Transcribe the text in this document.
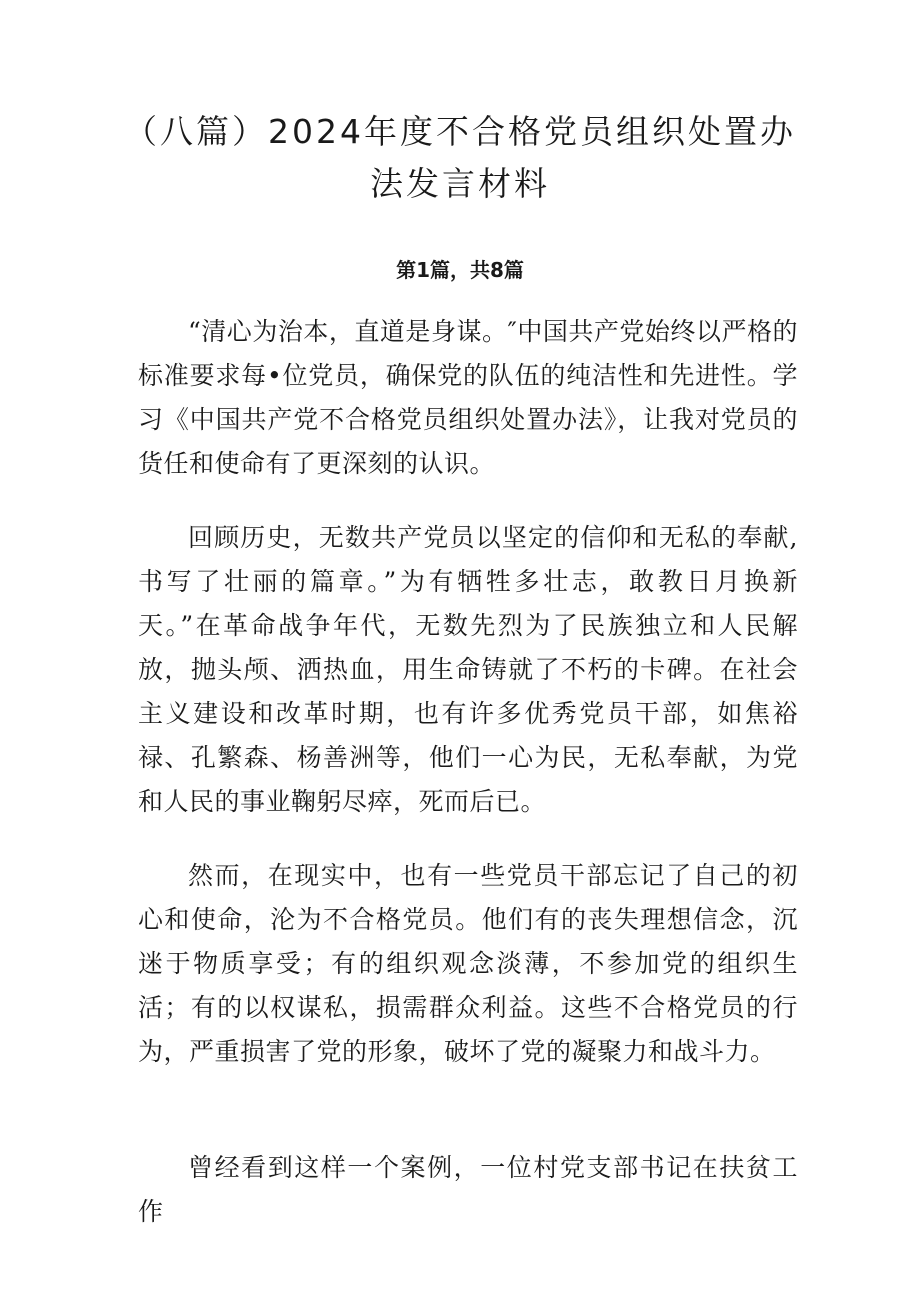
（八篇）2024年度不合格党员组织处置办
法发言材料
第1篇，共8篇

“清心为治本，直道是身谋。″中国共产党始终以严格的标准要求每•位党员，确保党的队伍的纯洁性和先进性。学习《中国共产党不合格党员组织处置办法》，让我对党员的货任和使命有了更深刻的认识。

回顾历史，无数共产党员以坚定的信仰和无私的奉献,书写了壮丽的篇章。”为有牺牲多壮志，敢教日月换新天。”在革命战争年代，无数先烈为了民族独立和人民解放，抛头颅、洒热血，用生命铸就了不朽的卡碑。在社会主义建设和改革时期，也有许多优秀党员干部，如焦裕禄、孔繁森、杨善洲等，他们一心为民，无私奉献，为党和人民的事业鞠躬尽瘁，死而后已。

然而，在现实中，也有一些党员干部忘记了自己的初心和使命，沦为不合格党员。他们有的丧失理想信念，沉迷于物质享受；有的组织观念淡薄，不参加党的组织生活；有的以权谋私，损需群众利益。这些不合格党员的行为，严重损害了党的形象，破坏了党的凝聚力和战斗力。

曾经看到这样一个案例，一位村党支部书记在扶贫工作
